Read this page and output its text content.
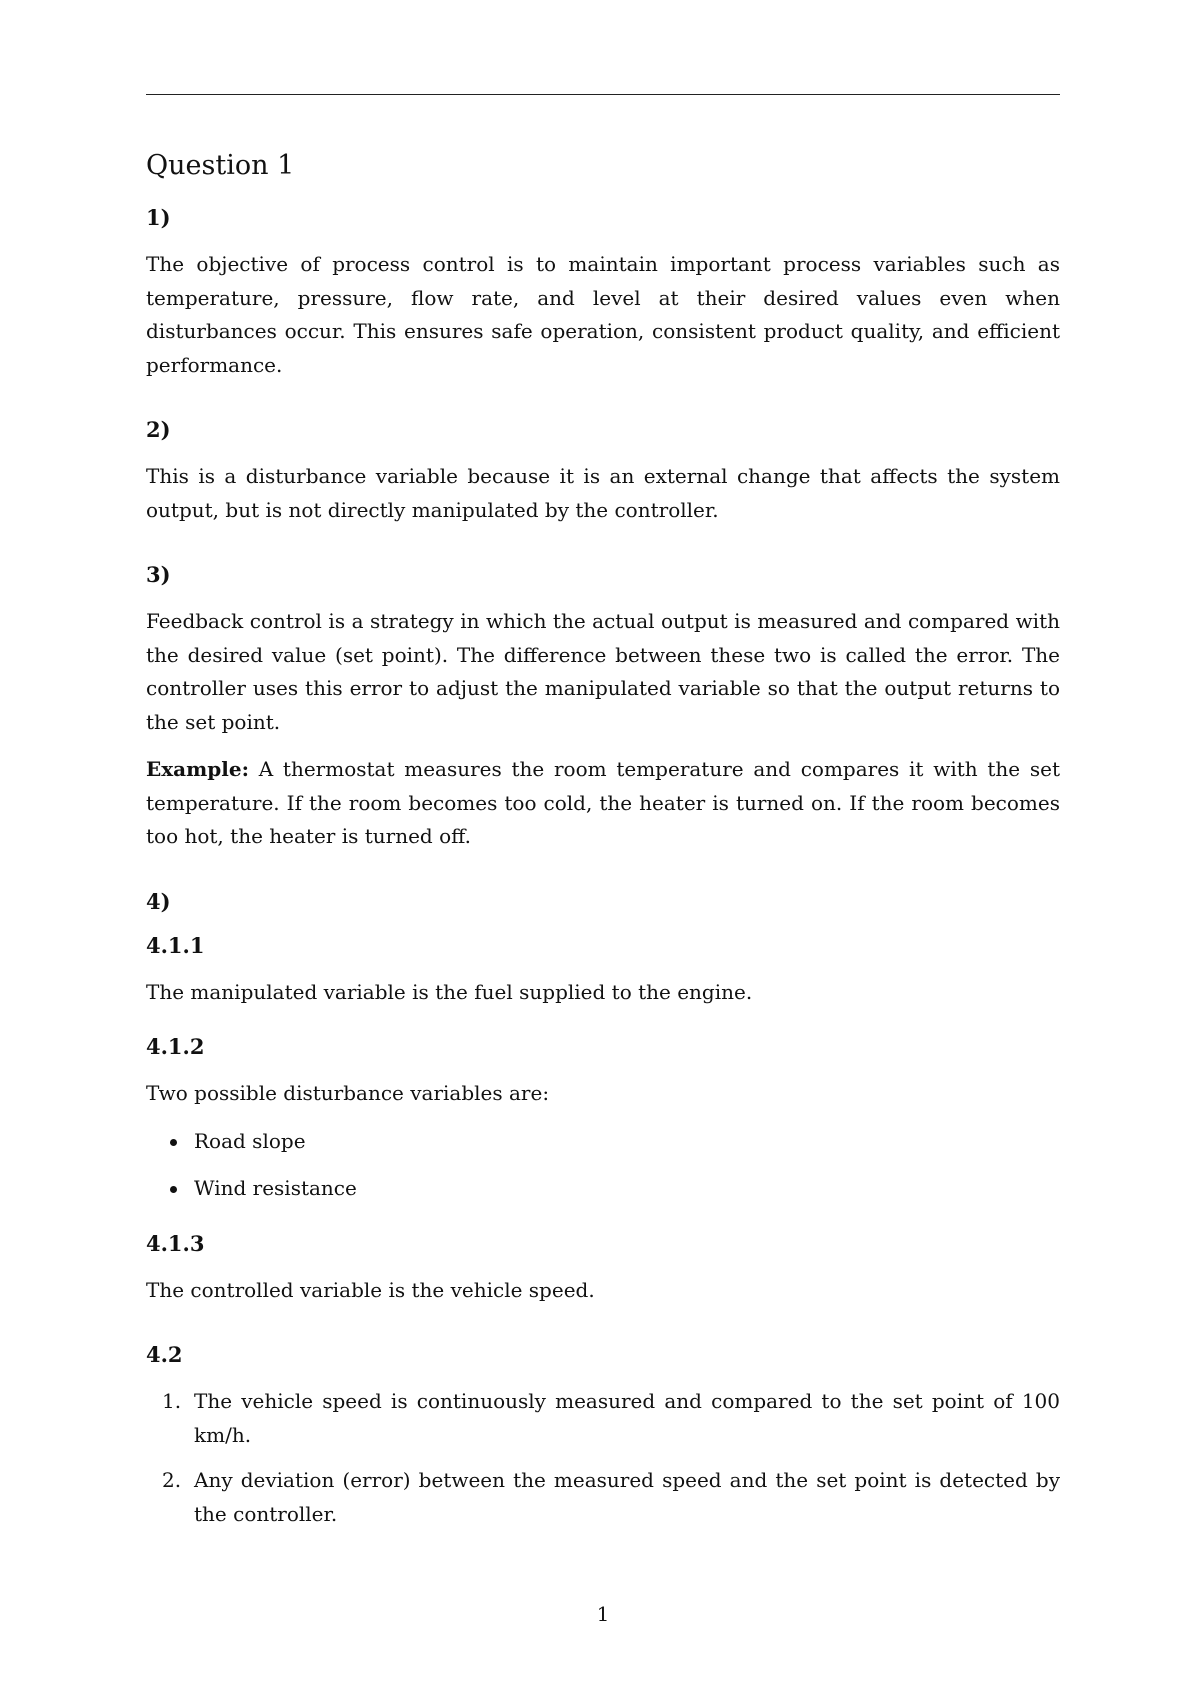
Question 1
1)

The objective of process control is to maintain important process variables such as temperature, pressure, flow rate, and level at their desired values even when disturbances occur. This ensures safe operation, consistent product quality, and efficient performance.

2)

This is a disturbance variable because it is an external change that affects the system output, but is not directly manipulated by the controller.

3)

Feedback control is a strategy in which the actual output is measured and compared with the desired value (set point). The difference between these two is called the error. The controller uses this error to adjust the manipulated variable so that the output returns to the set point.

Example: A thermostat measures the room temperature and compares it with the set temperature. If the room becomes too cold, the heater is turned on. If the room becomes too hot, the heater is turned off.

4)
4.1.1

The manipulated variable is the fuel supplied to the engine.

4.1.2

Two possible disturbance variables are:

Road slope
Wind resistance
4.1.3

The controlled variable is the vehicle speed.

4.2
1. The vehicle speed is continuously measured and compared to the set point of 100 km/h.
2. Any deviation (error) between the measured speed and the set point is detected by the controller.
1
